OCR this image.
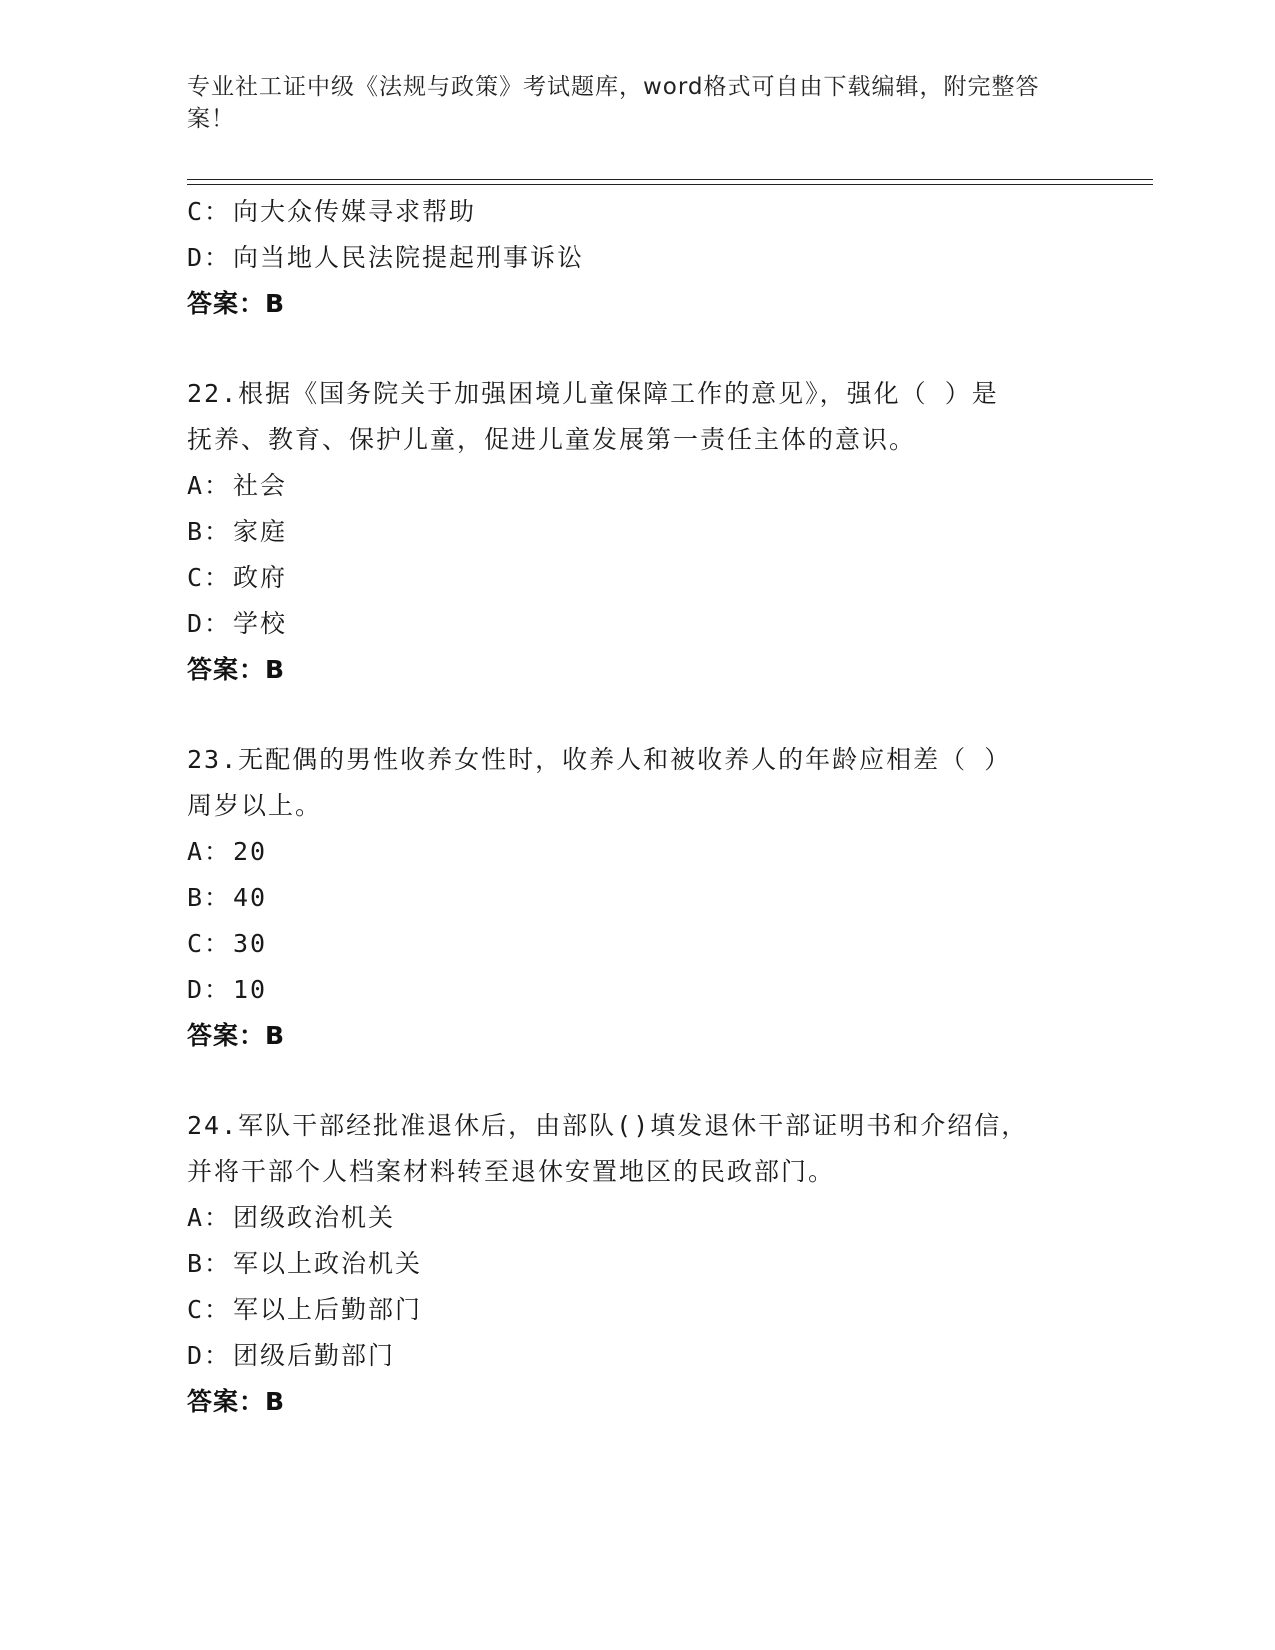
专业社工证中级《法规与政策》考试题库，word格式可自由下载编辑，附完整答
案！
C：向大众传媒寻求帮助
D：向当地人民法院提起刑事诉讼
答案：B
22.根据《国务院关于加强困境儿童保障工作的意见》，强化（ ）是
抚养、教育、保护儿童，促进儿童发展第一责任主体的意识。
A：社会
B：家庭
C：政府
D：学校
答案：B
23.无配偶的男性收养女性时，收养人和被收养人的年龄应相差（ ）
周岁以上。
A：20
B：40
C：30
D：10
答案：B
24.军队干部经批准退休后，由部队()填发退休干部证明书和介绍信，
并将干部个人档案材料转至退休安置地区的民政部门。
A：团级政治机关
B：军以上政治机关
C：军以上后勤部门
D：团级后勤部门
答案：B
